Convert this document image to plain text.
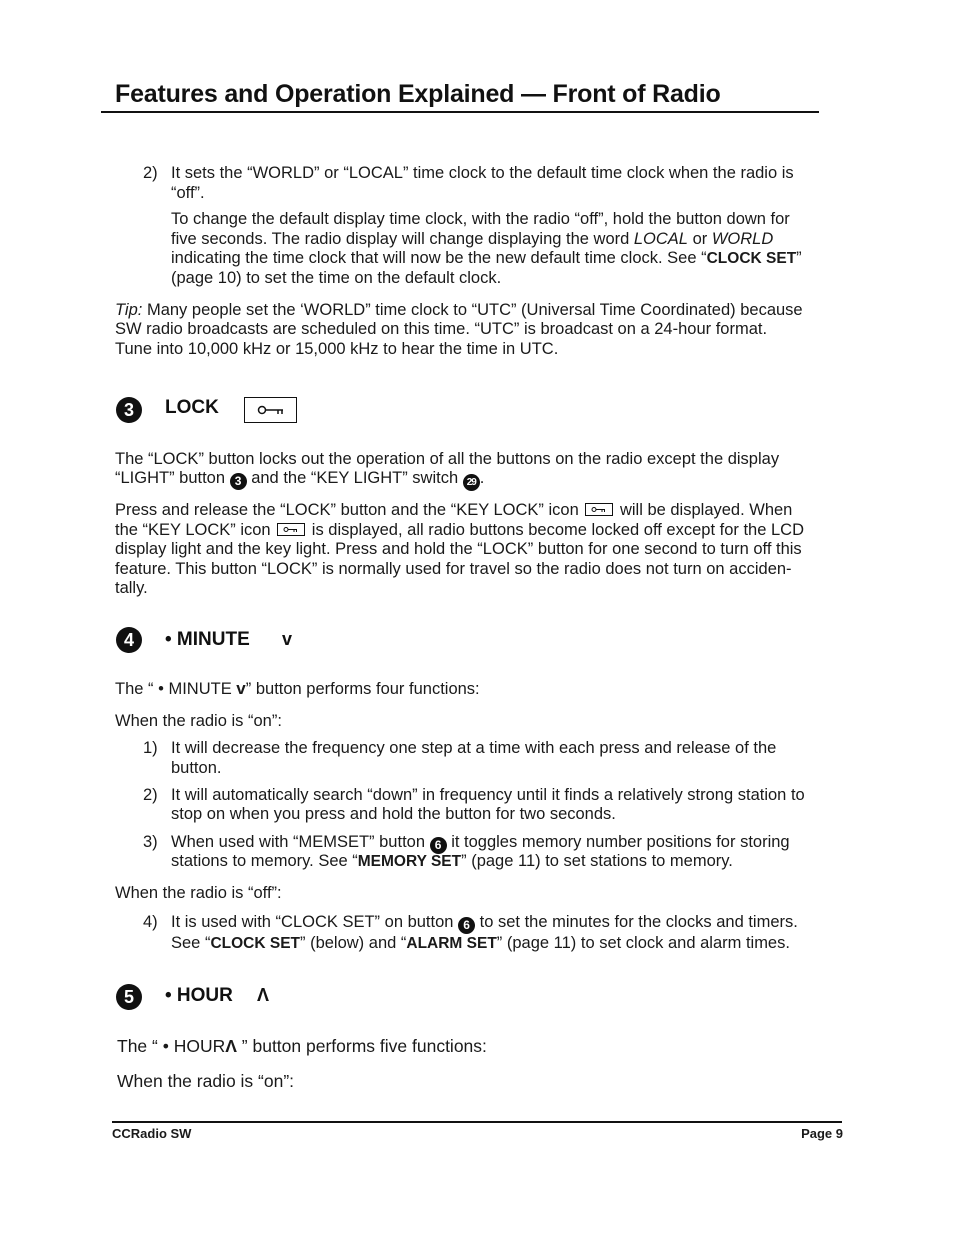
Features and Operation Explained — Front of Radio
2) It sets the “WORLD” or “LOCAL” time clock to the default time clock when the radio is
“off”.
To change the default display time clock, with the radio “off”, hold the button down for
five seconds. The radio display will change displaying the word LOCAL or WORLD
indicating the time clock that will now be the new default time clock. See “CLOCK SET”
(page 10) to set the time on the default clock.
Tip: Many people set the ‘WORLD” time clock to “UTC” (Universal Time Coordinated) because
SW radio broadcasts are scheduled on this time. “UTC” is broadcast on a 24-hour format.
Tune into 10,000 kHz or 15,000 kHz to hear the time in UTC.
3	LOCK
The “LOCK” button locks out the operation of all the buttons on the radio except the display
“LIGHT” button 3 and the “KEY LIGHT” switch 29 .
Press and release the “LOCK” button and the “KEY LOCK” icon
will be displayed. When
the “KEY LOCK” icon
is displayed, all radio buttons become locked off except for the LCD
display light and the key light. Press and hold the “LOCK” button for one second to turn off this
feature. This button “LOCK” is normally used for travel so the radio does not turn on acciden-
tally.
4	• MINUTE v
The “ • MINUTE v” button performs four functions:
When the radio is “on”:
1) It will decrease the frequency one step at a time with each press and release of the
button.
2) It will automatically search “down” in frequency until it finds a relatively strong station to
stop on when you press and hold the button for two seconds.
3) When used with “MEMSET” button 6 it toggles memory number positions for storing
stations to memory. See “MEMORY SET” (page 11) to set stations to memory.
When the radio is “off”:
4) It is used with “CLOCK SET” on button 6 to set the minutes for the clocks and timers.
See “CLOCK SET” (below) and “ALARM SET” (page 11) to set clock and alarm times.
5	• HOUR Λ
The “ • HOURΛ ” button performs five functions:
When the radio is “on”:
CCRadio SW	Page 9
